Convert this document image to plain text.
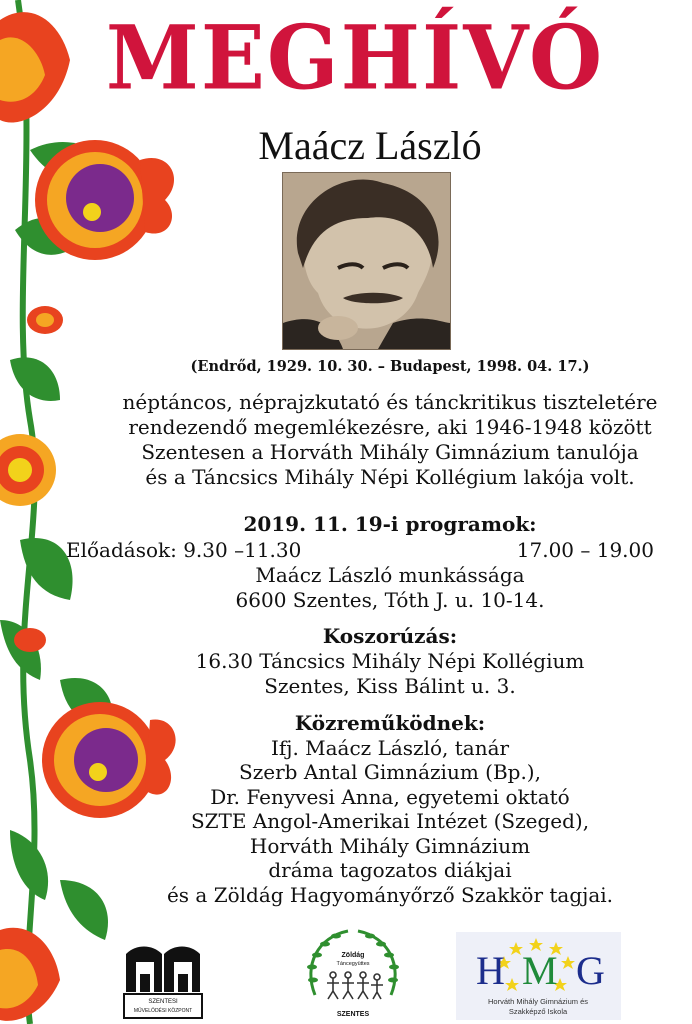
MEGHÍVÓ
Maácz László
(Endrőd, 1929. 10. 30. – Budapest, 1998. 04. 17.)
néptáncos, néprajzkutató és tánckritikus tiszteletére
rendezendő megemlékezésre, aki 1946-1948 között
Szentesen a Horváth Mihály Gimnázium tanulója
és a Táncsics Mihály Népi Kollégium lakója volt.
2019. 11. 19-i programok:
Előadások: 9.30 –11.30	17.00 – 19.00
Maácz László munkássága
6600 Szentes, Tóth J. u. 10-14.
Koszorúzás:
16.30 Táncsics Mihály Népi Kollégium
Szentes, Kiss Bálint u. 3.
Közreműködnek:
Ifj. Maácz László, tanár
Szerb Antal Gimnázium (Bp.),
Dr. Fenyvesi Anna, egyetemi oktató
SZTE Angol-Amerikai Intézet (Szeged),
Horváth Mihály Gimnázium
dráma tagozatos diákjai
és a Zöldág Hagyományőrző Szakkör tagjai.
SZENTESI
MŰVELŐDÉSI KÖZPONT
Zöldág
Táncegyüttes
SZENTES
H M G
Horváth Mihály Gimnázium és
Szakképző Iskola
